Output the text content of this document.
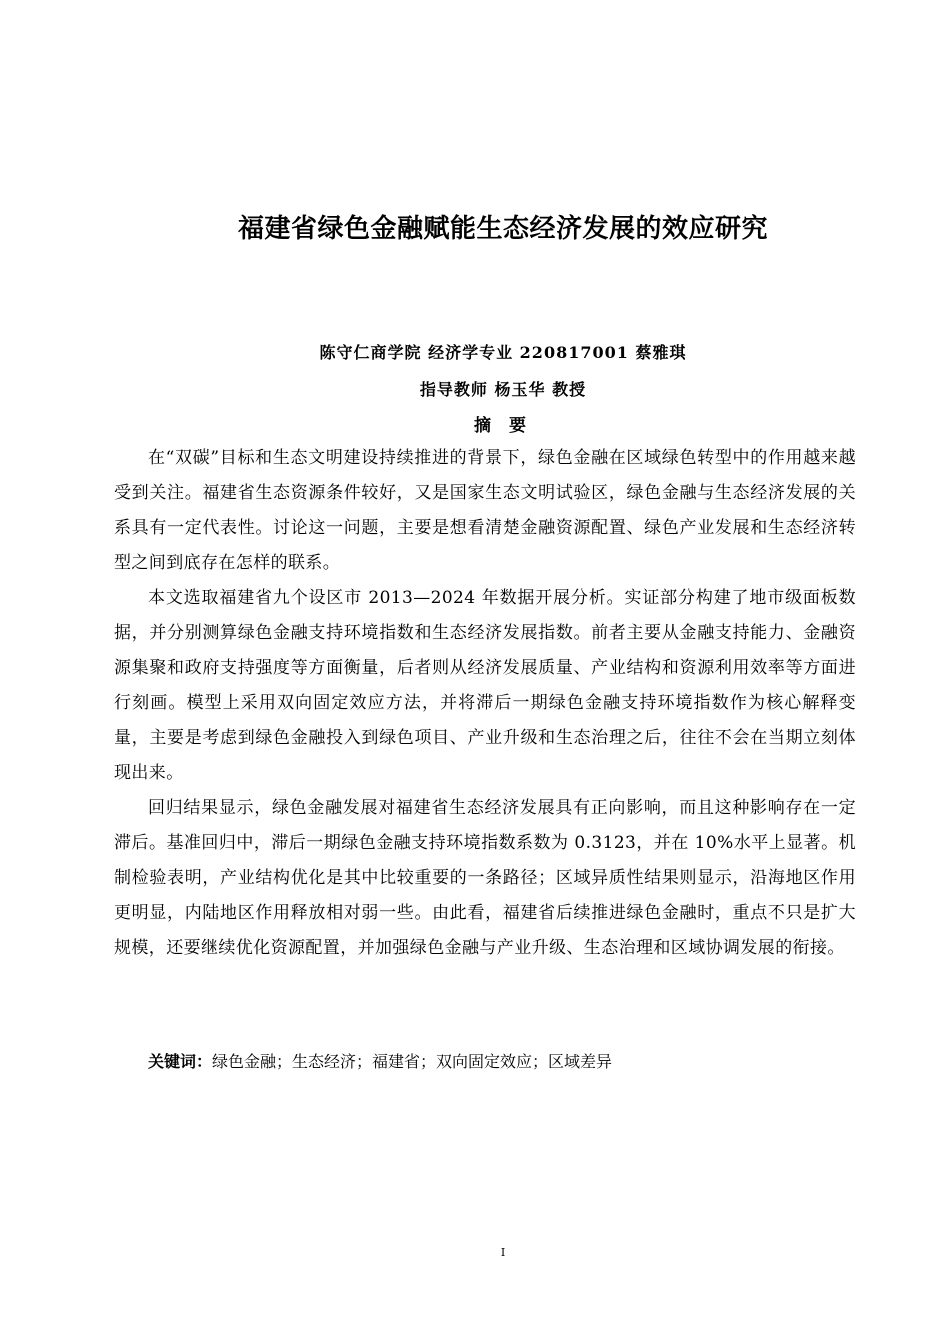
福建省绿色金融赋能生态经济发展的效应研究
陈守仁商学院 经济学专业 220817001 蔡雅琪
指导教师 杨玉华 教授
摘 要

在“双碳”目标和生态文明建设持续推进的背景下，绿色金融在区域绿色转型中的作用越来越受到关注。福建省生态资源条件较好，又是国家生态文明试验区，绿色金融与生态经济发展的关系具有一定代表性。讨论这一问题，主要是想看清楚金融资源配置、绿色产业发展和生态经济转型之间到底存在怎样的联系。

本文选取福建省九个设区市 2013—2024 年数据开展分析。实证部分构建了地市级面板数据，并分别测算绿色金融支持环境指数和生态经济发展指数。前者主要从金融支持能力、金融资源集聚和政府支持强度等方面衡量，后者则从经济发展质量、产业结构和资源利用效率等方面进行刻画。模型上采用双向固定效应方法，并将滞后一期绿色金融支持环境指数作为核心解释变量，主要是考虑到绿色金融投入到绿色项目、产业升级和生态治理之后，往往不会在当期立刻体现出来。

回归结果显示，绿色金融发展对福建省生态经济发展具有正向影响，而且这种影响存在一定滞后。基准回归中，滞后一期绿色金融支持环境指数系数为 0.3123，并在 10%水平上显著。机制检验表明，产业结构优化是其中比较重要的一条路径；区域异质性结果则显示，沿海地区作用更明显，内陆地区作用释放相对弱一些。由此看，福建省后续推进绿色金融时，重点不只是扩大规模，还要继续优化资源配置，并加强绿色金融与产业升级、生态治理和区域协调发展的衔接。

关键词：绿色金融；生态经济；福建省；双向固定效应；区域差异
I
